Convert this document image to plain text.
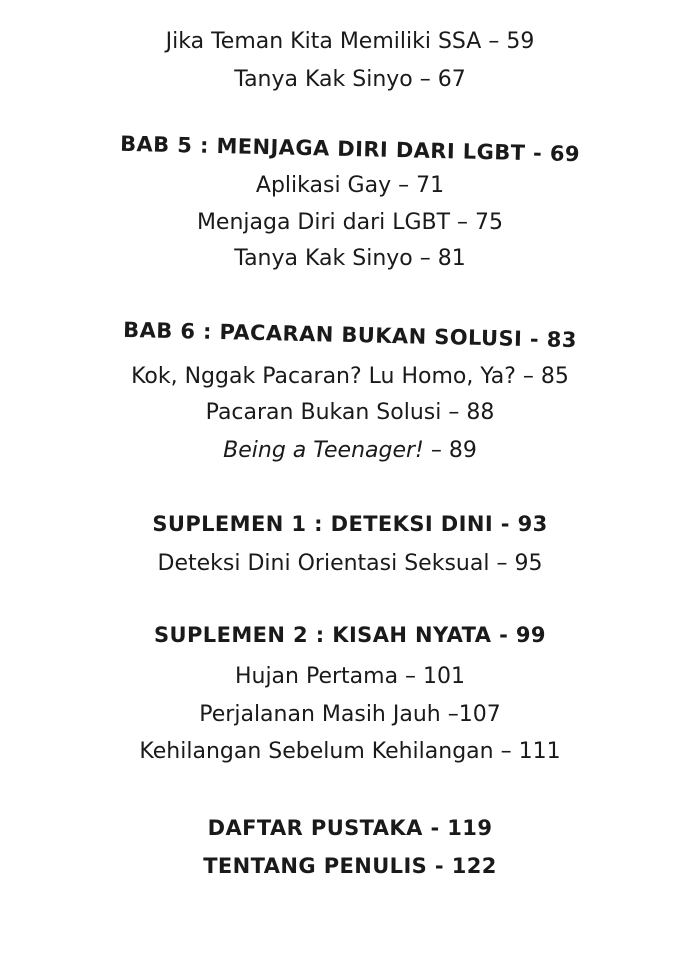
Jika Teman Kita Memiliki SSA – 59

Tanya Kak Sinyo – 67

BAB 5 : MENJAGA DIRI DARI LGBT - 69

Aplikasi Gay – 71

Menjaga Diri dari LGBT – 75

Tanya Kak Sinyo – 81

BAB 6 : PACARAN BUKAN SOLUSI - 83

Kok, Nggak Pacaran? Lu Homo, Ya? – 85

Pacaran Bukan Solusi – 88

Being a Teenager! – 89

SUPLEMEN 1 : DETEKSI DINI - 93

Deteksi Dini Orientasi Seksual – 95

SUPLEMEN 2 : KISAH NYATA - 99

Hujan Pertama – 101

Perjalanan Masih Jauh –107

Kehilangan Sebelum Kehilangan – 111

DAFTAR PUSTAKA - 119

TENTANG PENULIS - 122
